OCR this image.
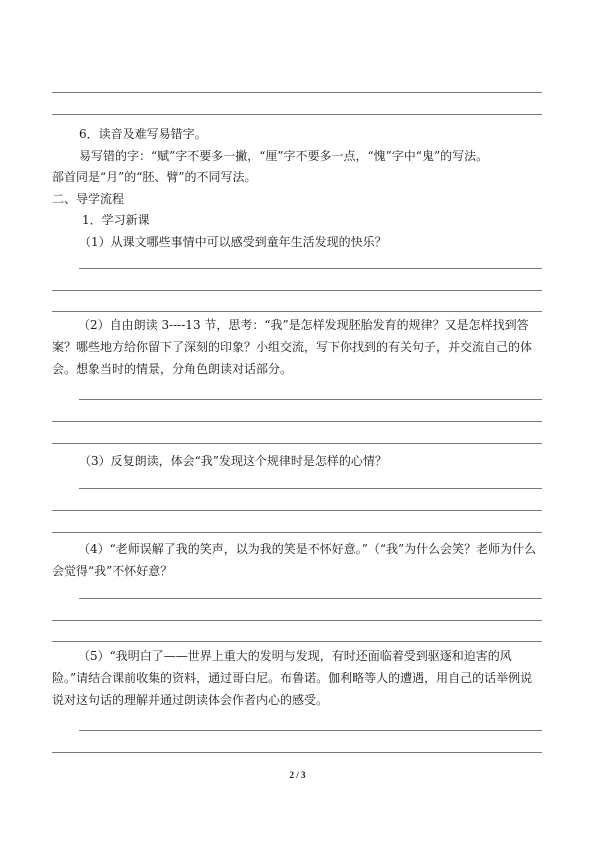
6．读音及难写易错字。
易写错的字：“赋”字不要多一撇，“厘”字不要多一点，“愧”字中“鬼”的写法。
部首同是“月”的“胚、臂”的不同写法。
二、导学流程
1．学习新课
（1）从课文哪些事情中可以感受到童年生活发现的快乐？
（2）自由朗读 3----13 节，思考：“我”是怎样发现胚胎发育的规律？又是怎样找到答案？哪些地方给你留下了深刻的印象？小组交流，写下你找到的有关句子，并交流自己的体会。想象当时的情景，分角色朗读对话部分。
（3）反复朗读，体会“我”发现这个规律时是怎样的心情？
（4）“老师误解了我的笑声，以为我的笑是不怀好意。”（“我”为什么会笑？老师为什么会觉得“我”不怀好意？
（5）“我明白了——世界上重大的发明与发现，有时还面临着受到驱逐和迫害的风险。”请结合课前收集的资料，通过哥白尼。布鲁诺。伽利略等人的遭遇，用自己的话举例说说对这句话的理解并通过朗读体会作者内心的感受。
2 / 3
